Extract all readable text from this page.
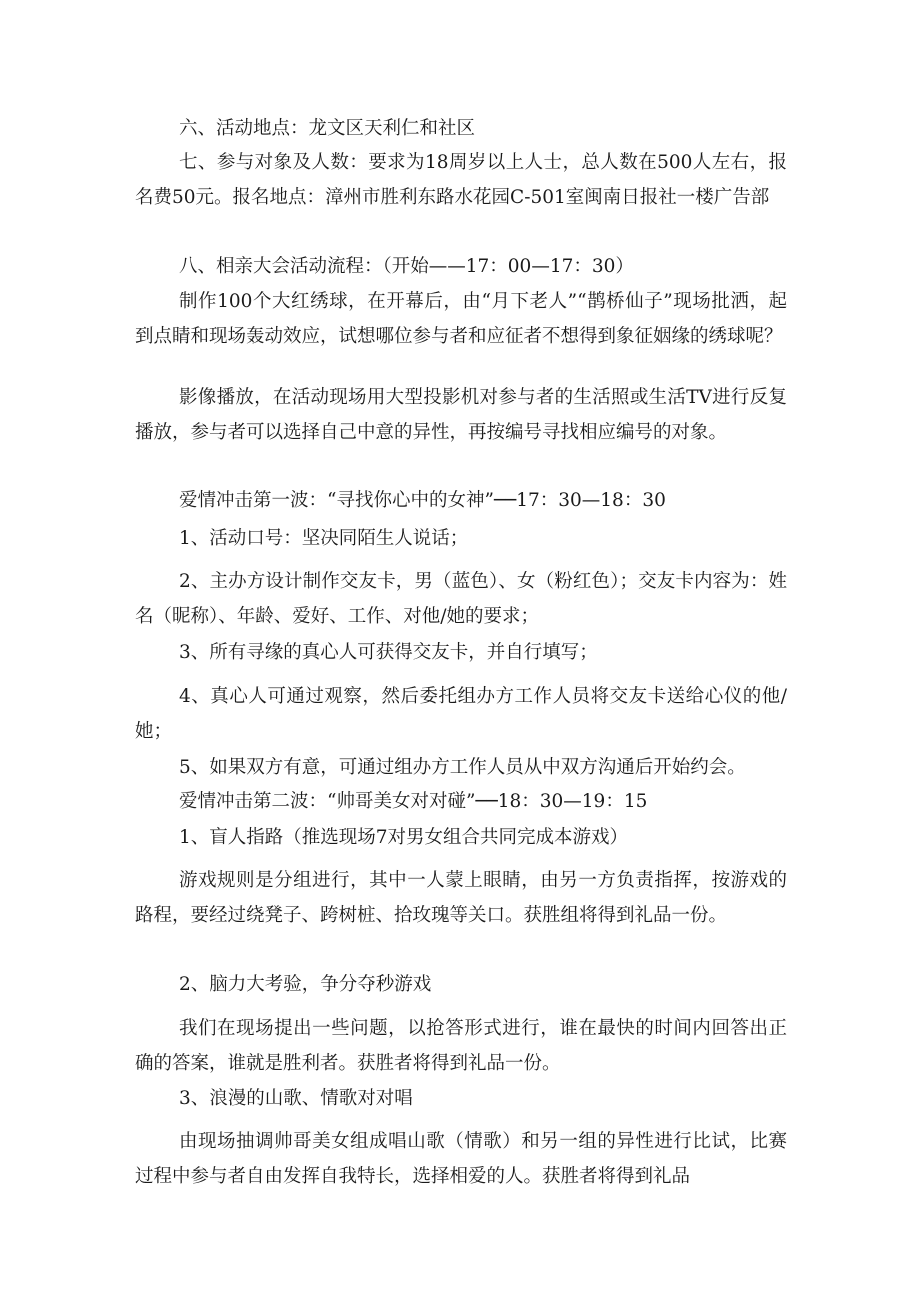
六、活动地点：龙文区天利仁和社区

七、参与对象及人数：要求为18周岁以上人士，总人数在500人左右，报名费50元。报名地点：漳州市胜利东路水花园C-501室闽南日报社一楼广告部

八、相亲大会活动流程：（开始——17：00—17：30）

制作100个大红绣球，在开幕后，由“月下老人”“鹊桥仙子”现场批洒，起到点睛和现场轰动效应，试想哪位参与者和应征者不想得到象征姻缘的绣球呢？

影像播放，在活动现场用大型投影机对参与者的生活照或生活TV进行反复播放，参与者可以选择自己中意的异性，再按编号寻找相应编号的对象。

爱情冲击第一波：“寻找你心中的女神”──17：30—18：30

1、活动口号：坚决同陌生人说话；

2、主办方设计制作交友卡，男（蓝色）、女（粉红色）；交友卡内容为：姓名（昵称）、年龄、爱好、工作、对他/她的要求；

3、所有寻缘的真心人可获得交友卡，并自行填写；

4、真心人可通过观察，然后委托组办方工作人员将交友卡送给心仪的他/她；

5、如果双方有意，可通过组办方工作人员从中双方沟通后开始约会。

爱情冲击第二波：“帅哥美女对对碰”──18：30—19：15

1、盲人指路（推选现场7对男女组合共同完成本游戏）

游戏规则是分组进行，其中一人蒙上眼睛，由另一方负责指挥，按游戏的路程，要经过绕凳子、跨树桩、拾玫瑰等关口。获胜组将得到礼品一份。

2、脑力大考验，争分夺秒游戏

我们在现场提出一些问题，以抢答形式进行，谁在最快的时间内回答出正确的答案，谁就是胜利者。获胜者将得到礼品一份。

3、浪漫的山歌、情歌对对唱

由现场抽调帅哥美女组成唱山歌（情歌）和另一组的异性进行比试，比赛过程中参与者自由发挥自我特长，选择相爱的人。获胜者将得到礼品
